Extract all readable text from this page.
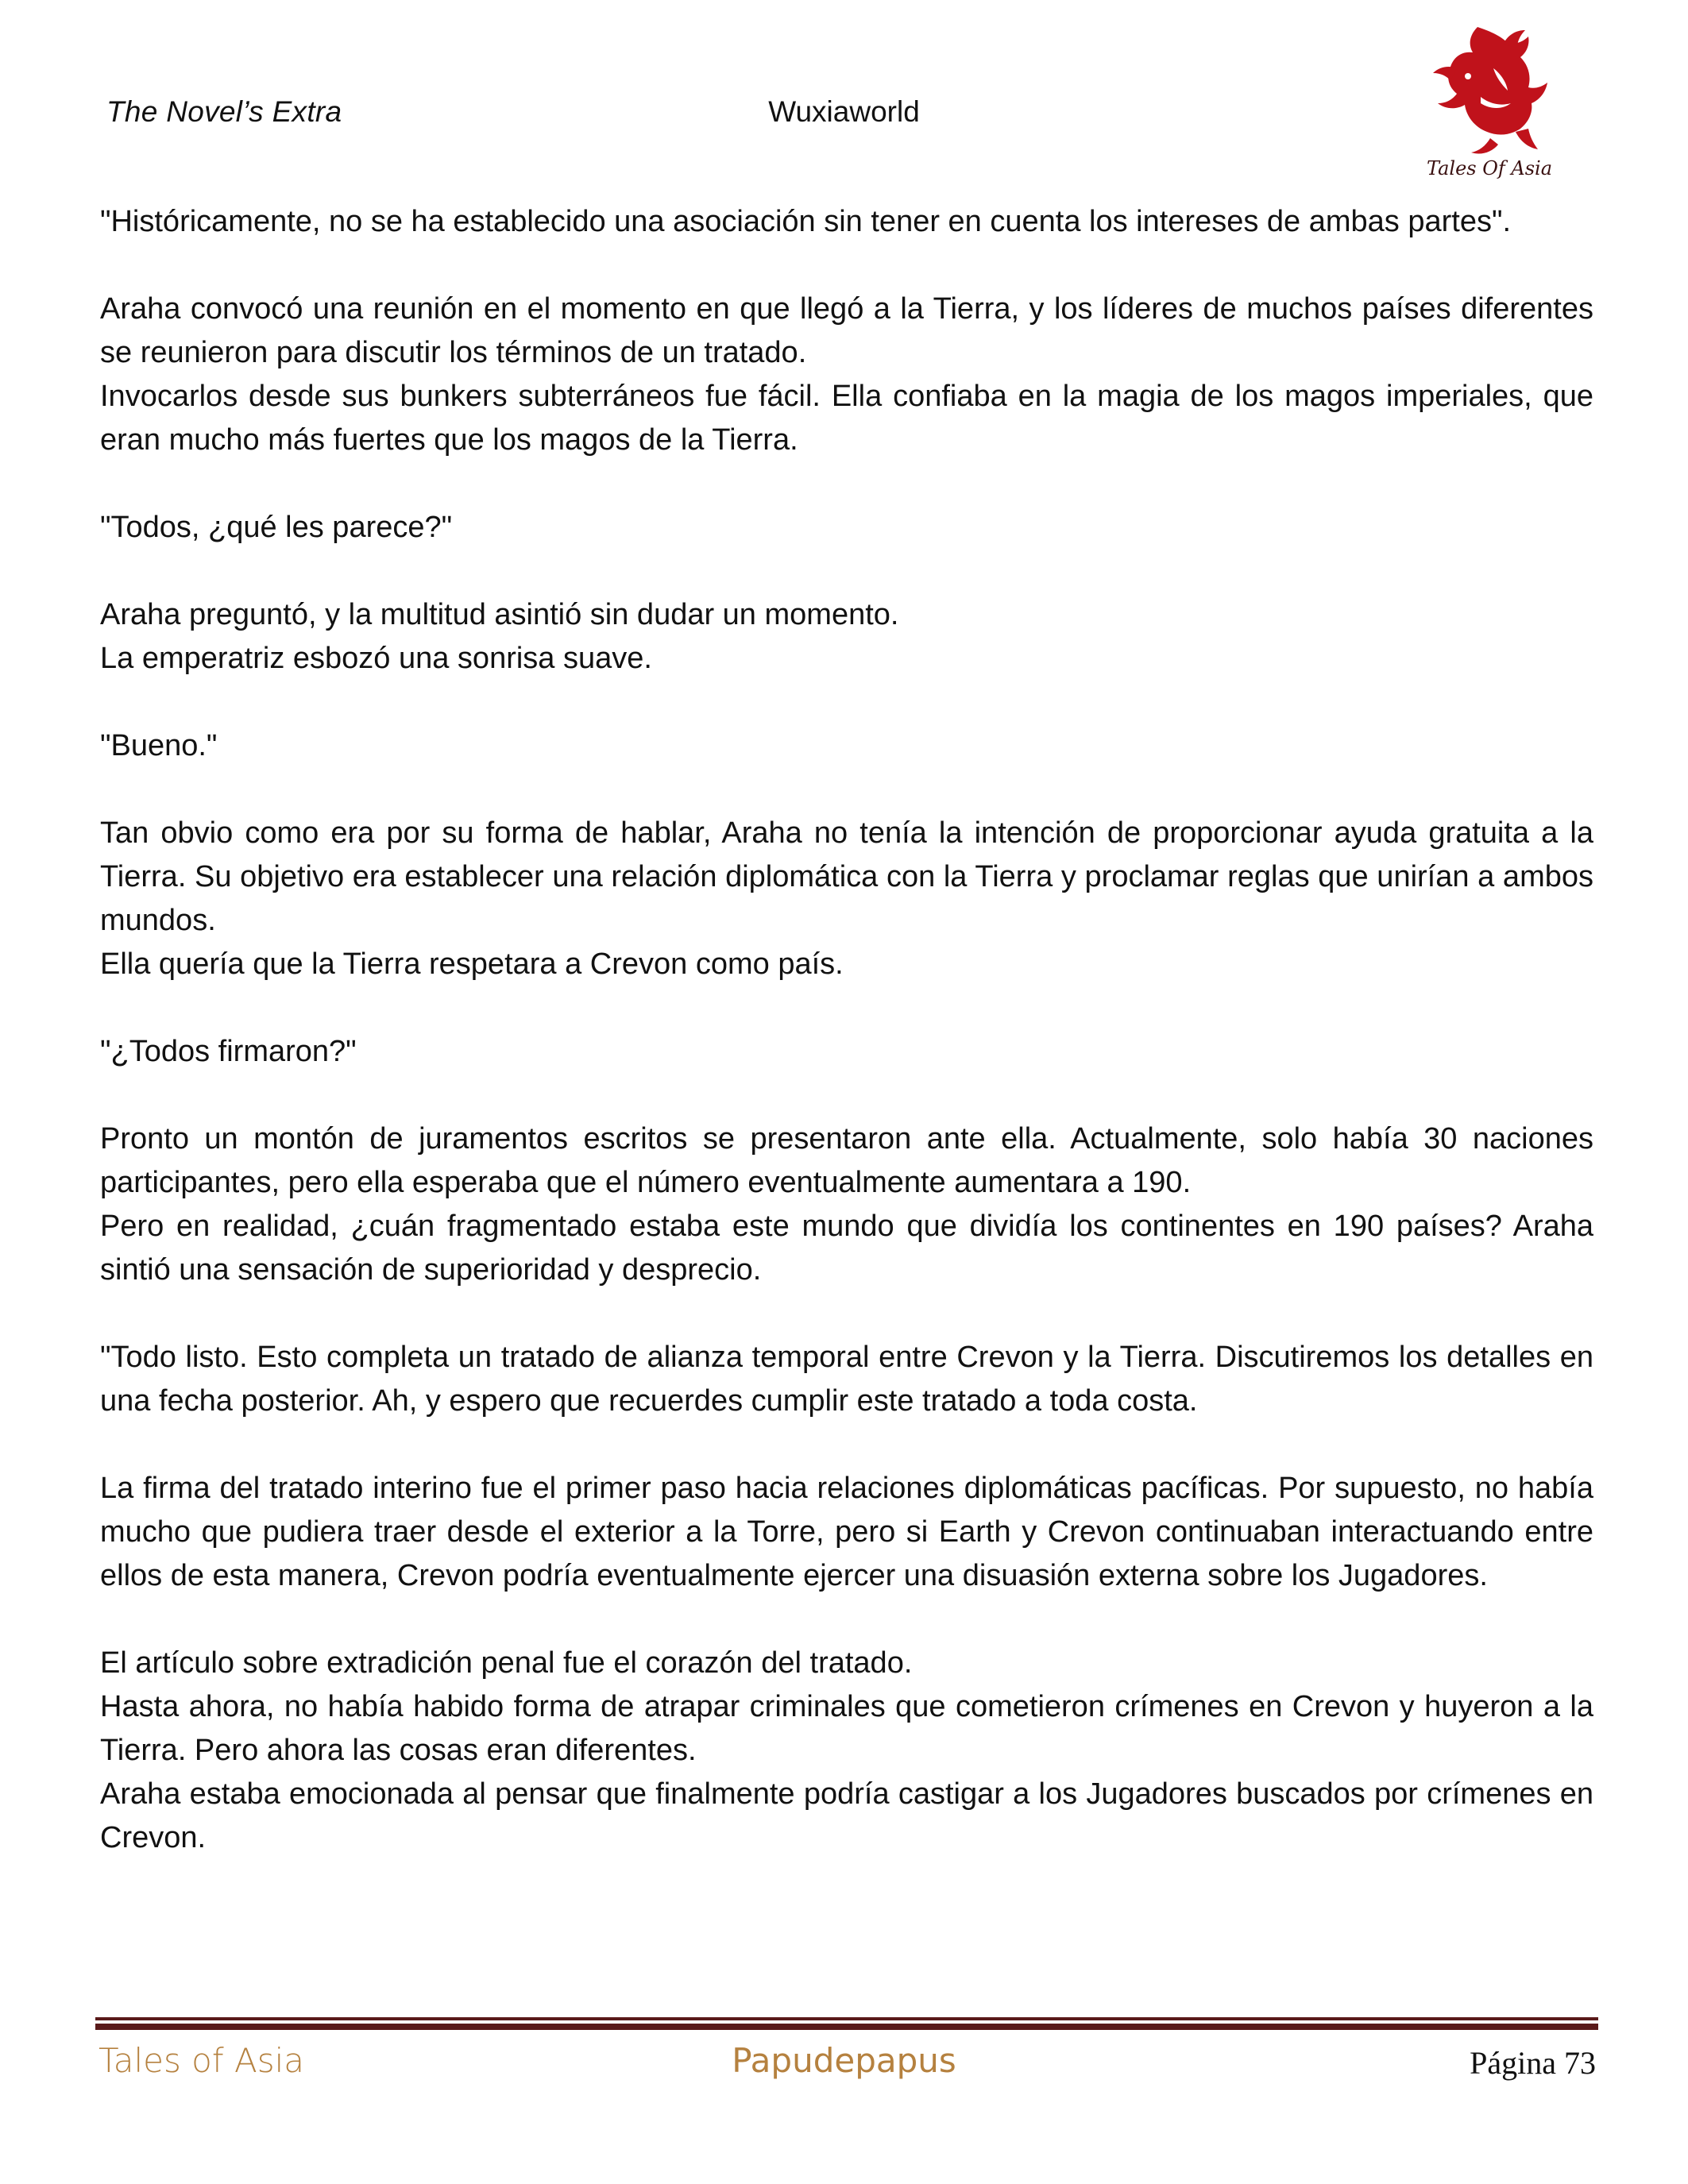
The Novel’s Extra	Wuxiaworld
Tales Of Asia

"Históricamente, no se ha establecido una asociación sin tener en cuenta los intereses de ambas partes".

Araha convocó una reunión en el momento en que llegó a la Tierra, y los líderes de muchos países diferentes se reunieron para discutir los términos de un tratado.

Invocarlos desde sus bunkers subterráneos fue fácil. Ella confiaba en la magia de los magos imperiales, que eran mucho más fuertes que los magos de la Tierra.

"Todos, ¿qué les parece?"

Araha preguntó, y la multitud asintió sin dudar un momento.

La emperatriz esbozó una sonrisa suave.

"Bueno."

Tan obvio como era por su forma de hablar, Araha no tenía la intención de proporcionar ayuda gratuita a la Tierra. Su objetivo era establecer una relación diplomática con la Tierra y proclamar reglas que unirían a ambos mundos.

Ella quería que la Tierra respetara a Crevon como país.

"¿Todos firmaron?"

Pronto un montón de juramentos escritos se presentaron ante ella. Actualmente, solo había 30 naciones participantes, pero ella esperaba que el número eventualmente aumentara a 190.

Pero en realidad, ¿cuán fragmentado estaba este mundo que dividía los continentes en 190 países? Araha sintió una sensación de superioridad y desprecio.

"Todo listo. Esto completa un tratado de alianza temporal entre Crevon y la Tierra. Discutiremos los detalles en una fecha posterior. Ah, y espero que recuerdes cumplir este tratado a toda costa.

La firma del tratado interino fue el primer paso hacia relaciones diplomáticas pacíficas. Por supuesto, no había mucho que pudiera traer desde el exterior a la Torre, pero si Earth y Crevon continuaban interactuando entre ellos de esta manera, Crevon podría eventualmente ejercer una disuasión externa sobre los Jugadores.

El artículo sobre extradición penal fue el corazón del tratado.

Hasta ahora, no había habido forma de atrapar criminales que cometieron crímenes en Crevon y huyeron a la Tierra. Pero ahora las cosas eran diferentes.

Araha estaba emocionada al pensar que finalmente podría castigar a los Jugadores buscados por crímenes en Crevon.

Tales of Asia	Papudepapus	Página 73
